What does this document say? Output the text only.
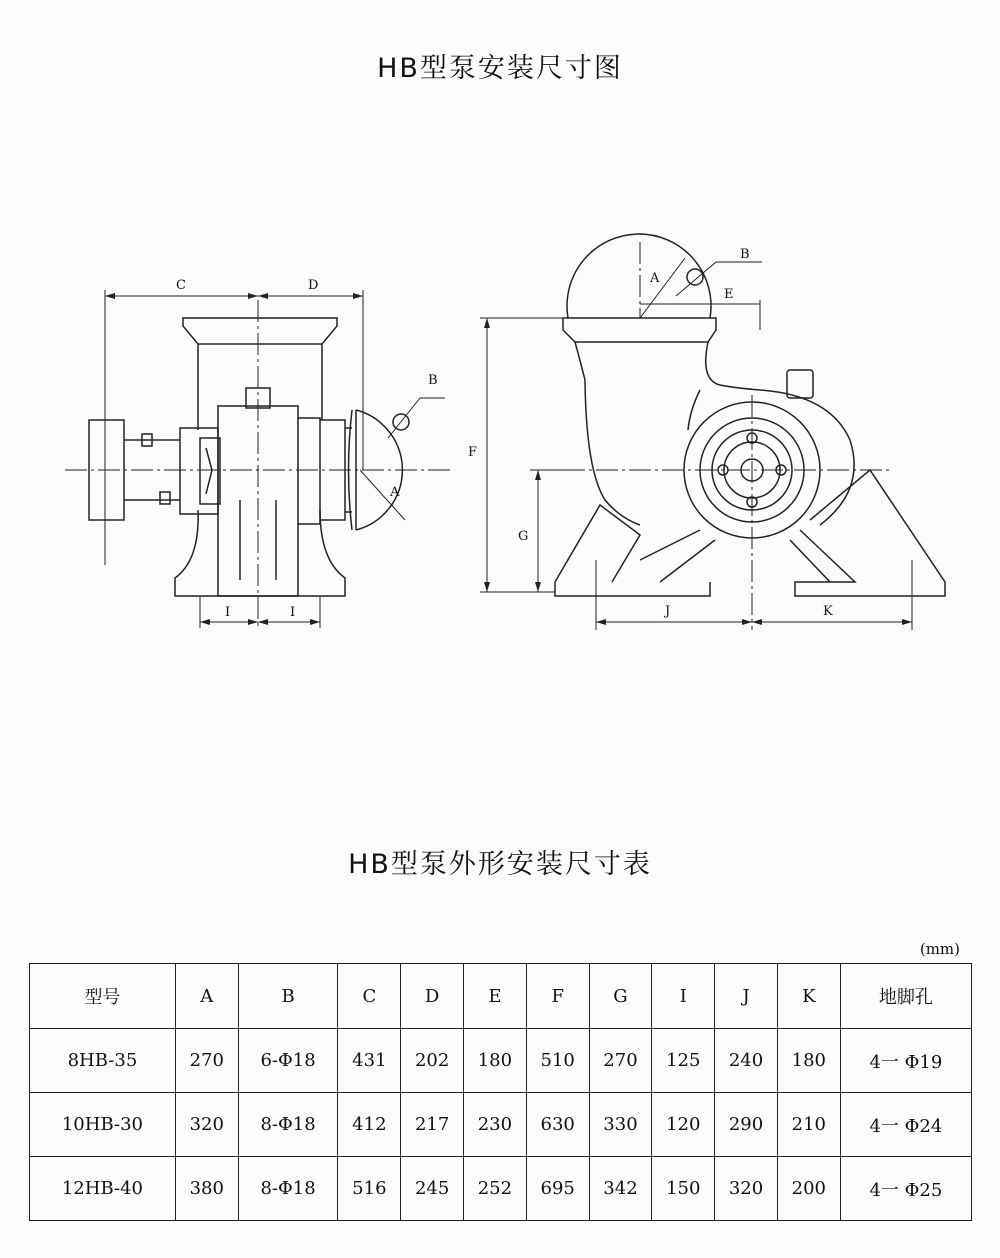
C	D
B
A
I	I
B
A
E
F
G
J	K
HB型泵安装尺寸图
HB型泵外形安装尺寸表
(mm)
型号	A	B	C	D	E	F	G	I	J	K	地脚孔
8HB-35	270	6-Φ18	431	202	180	510	270	125	240	180	4一 Φ19
10HB-30	320	8-Φ18	412	217	230	630	330	120	290	210	4一 Φ24
12HB-40	380	8-Φ18	516	245	252	695	342	150	320	200	4一 Φ25
